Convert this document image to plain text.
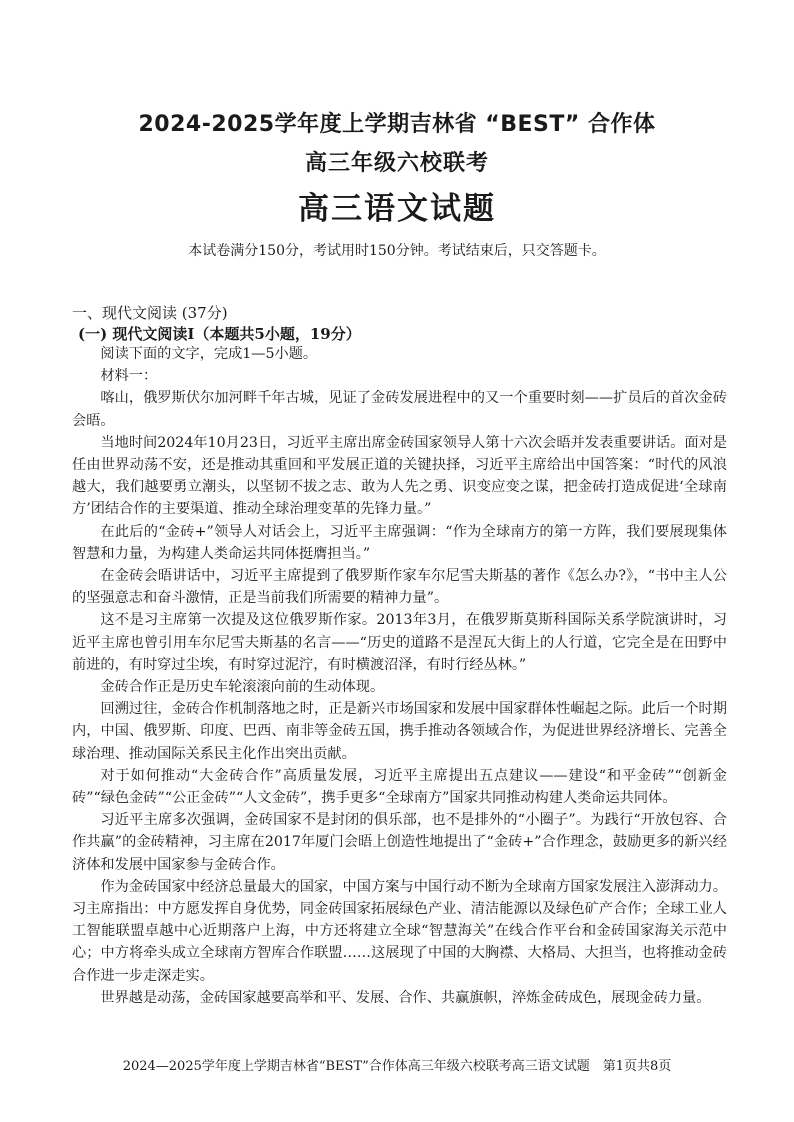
2024-2025学年度上学期吉林省 “BEST” 合作体
高三年级六校联考
高三语文试题
本试卷满分150分，考试用时150分钟。考试结束后，只交答题卡。
一、现代文阅读 (37分)
(一) 现代文阅读Ⅰ（本题共5小题，19分）

阅读下面的文字，完成1—5小题。

材料一：

喀山，俄罗斯伏尔加河畔千年古城，见证了金砖发展进程中的又一个重要时刻——扩员后的首次金砖会晤。

当地时间2024年10月23日，习近平主席出席金砖国家领导人第十六次会晤并发表重要讲话。面对是任由世界动荡不安，还是推动其重回和平发展正道的关键抉择，习近平主席给出中国答案：“时代的风浪越大，我们越要勇立潮头，以坚韧不拔之志、敢为人先之勇、识变应变之谋，把金砖打造成促进‘全球南方’团结合作的主要渠道、推动全球治理变革的先锋力量。”

在此后的“金砖+”领导人对话会上，习近平主席强调：“作为全球南方的第一方阵，我们要展现集体智慧和力量，为构建人类命运共同体挺膺担当。”

在金砖会晤讲话中，习近平主席提到了俄罗斯作家车尔尼雪夫斯基的著作《怎么办?》，“书中主人公的坚强意志和奋斗激情，正是当前我们所需要的精神力量”。

这不是习主席第一次提及这位俄罗斯作家。2013年3月，在俄罗斯莫斯科国际关系学院演讲时，习近平主席也曾引用车尔尼雪夫斯基的名言——“历史的道路不是涅瓦大街上的人行道，它完全是在田野中前进的，有时穿过尘埃，有时穿过泥泞，有时横渡沼泽，有时行经丛林。”

金砖合作正是历史车轮滚滚向前的生动体现。

回溯过往，金砖合作机制落地之时，正是新兴市场国家和发展中国家群体性崛起之际。此后一个时期内，中国、俄罗斯、印度、巴西、南非等金砖五国，携手推动各领域合作，为促进世界经济增长、完善全球治理、推动国际关系民主化作出突出贡献。

对于如何推动“大金砖合作”高质量发展，习近平主席提出五点建议——建设“和平金砖”“创新金砖”“绿色金砖”“公正金砖”“人文金砖”，携手更多“全球南方”国家共同推动构建人类命运共同体。

习近平主席多次强调，金砖国家不是封闭的俱乐部，也不是排外的“小圈子”。为践行“开放包容、合作共赢”的金砖精神，习主席在2017年厦门会晤上创造性地提出了“金砖+”合作理念，鼓励更多的新兴经济体和发展中国家参与金砖合作。

作为金砖国家中经济总量最大的国家，中国方案与中国行动不断为全球南方国家发展注入澎湃动力。习主席指出：中方愿发挥自身优势，同金砖国家拓展绿色产业、清洁能源以及绿色矿产合作；全球工业人工智能联盟卓越中心近期落户上海，中方还将建立全球“智慧海关”在线合作平台和金砖国家海关示范中心；中方将牵头成立全球南方智库合作联盟……这展现了中国的大胸襟、大格局、大担当，也将推动金砖合作进一步走深走实。

世界越是动荡，金砖国家越要高举和平、发展、合作、共赢旗帜，淬炼金砖成色，展现金砖力量。

2024—2025学年度上学期吉林省“BEST”合作体高三年级六校联考高三语文试题　第1页共8页
